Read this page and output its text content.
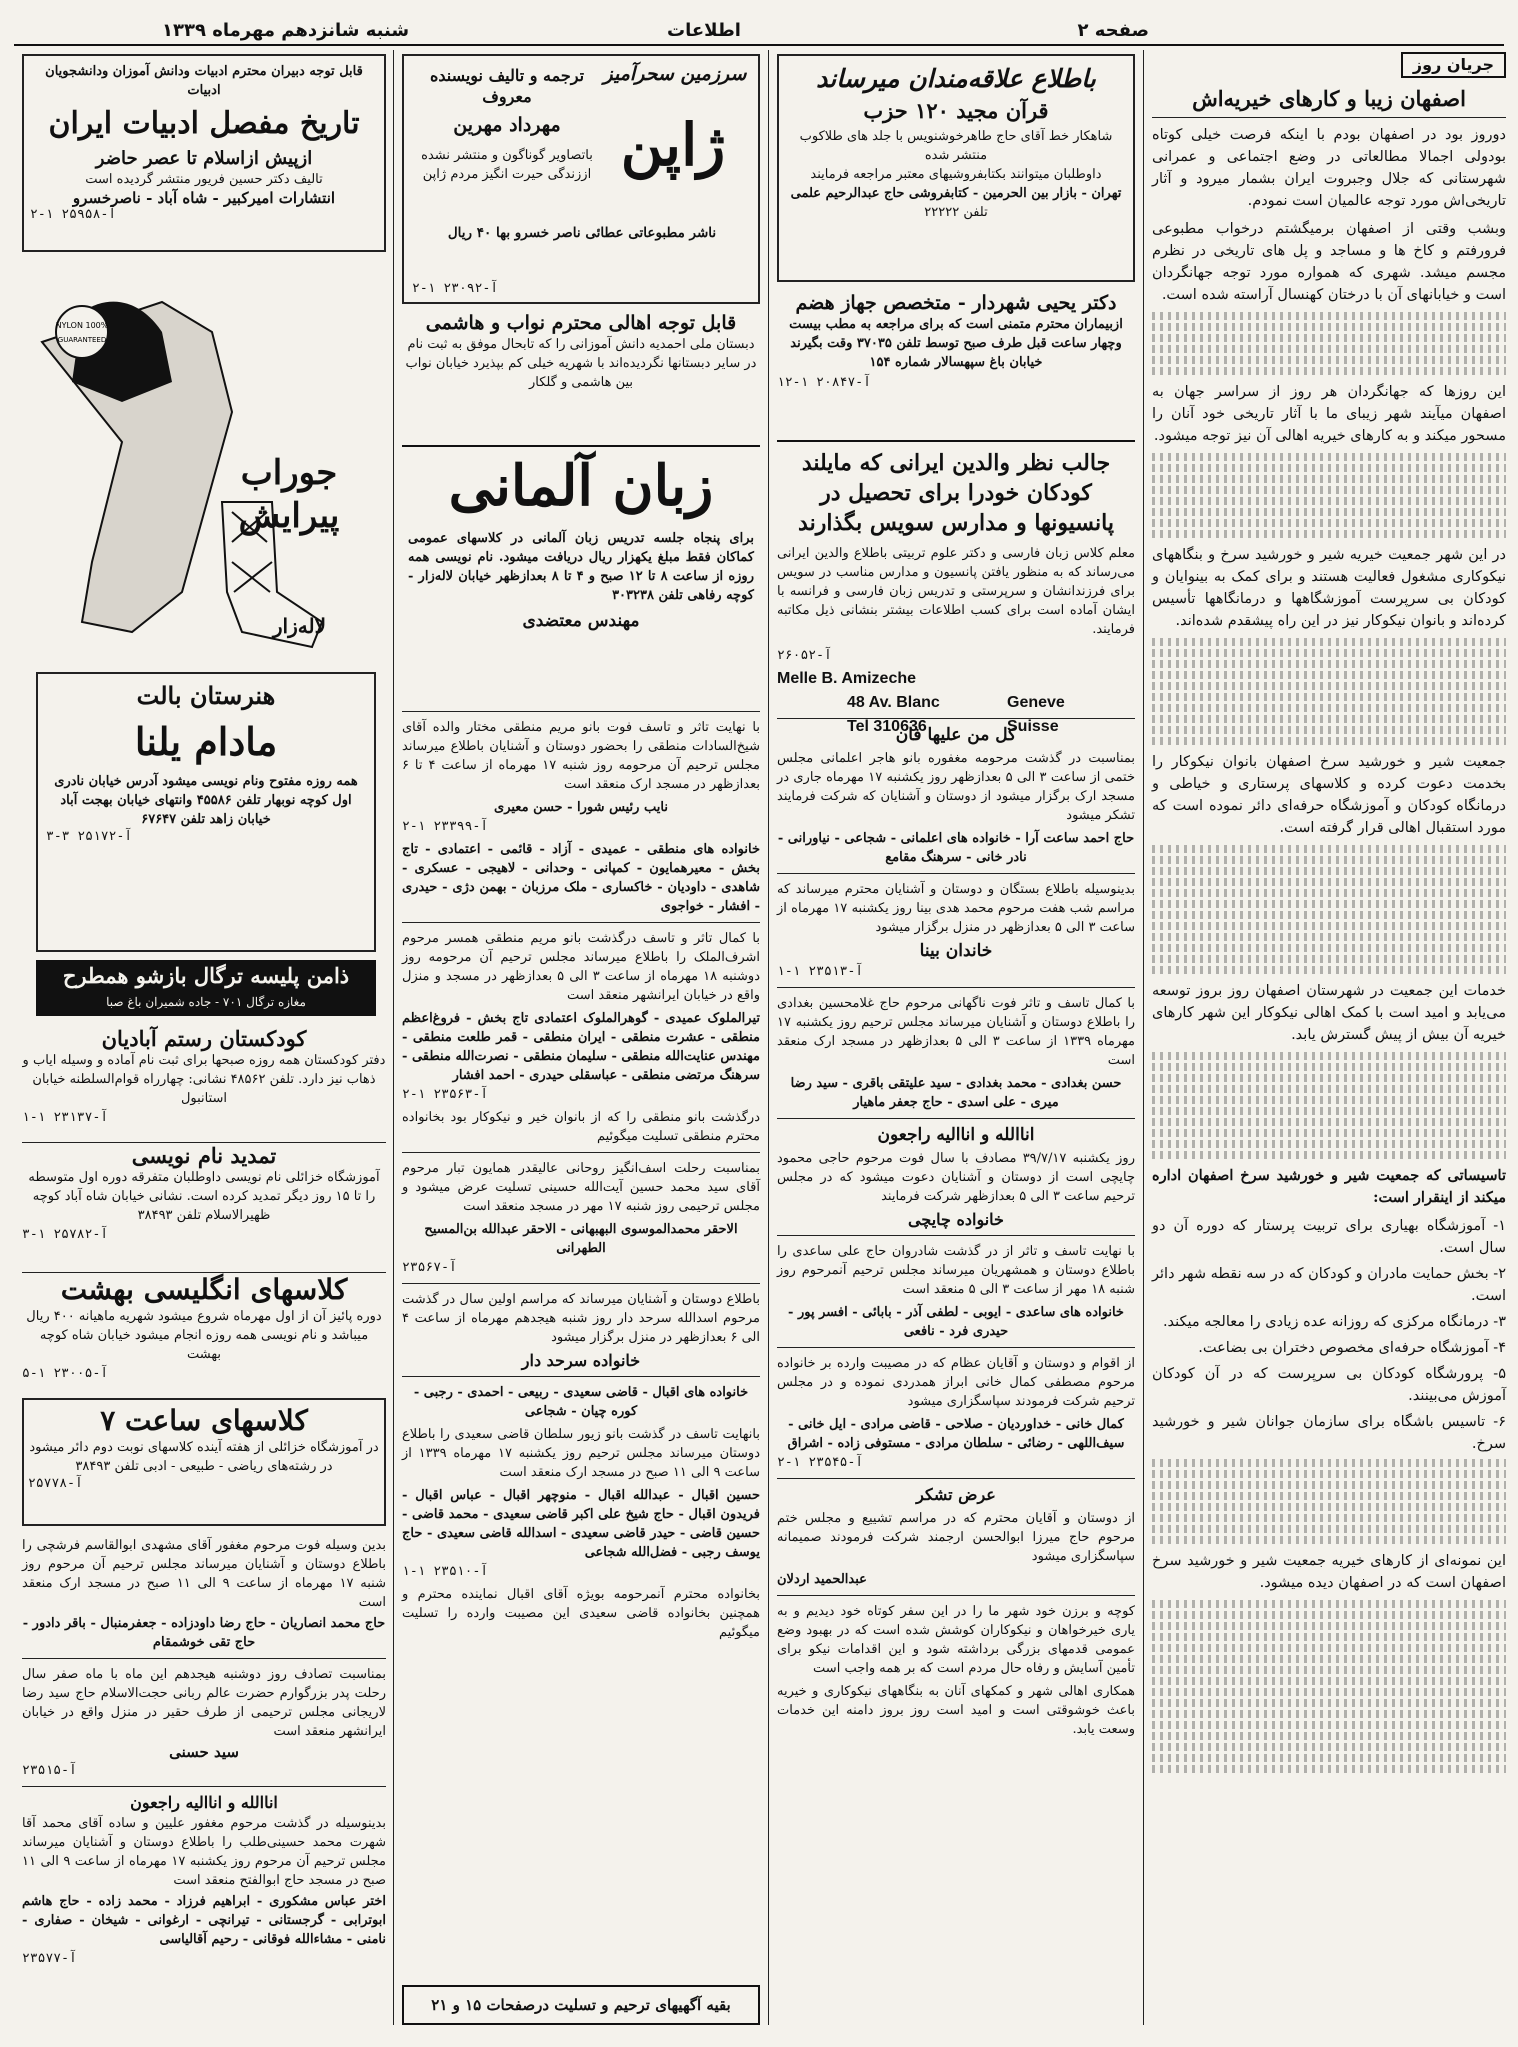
صفحه ۲
اطلاعات
شنبه شانزدهم مهرماه ۱۳۳۹
جریان روز
اصفهان زیبا و کارهای خیریه‌اش

دوروز بود در اصفهان بودم با اینکه فرصت خیلی کوتاه بودولی اجمالا مطالعاتی در وضع اجتماعی و عمرانی شهرستانی که جلال وجبروت ایران بشمار میرود و آثار تاریخی‌اش مورد توجه عالمیان است نمودم.

وبشب وقتی از اصفهان برمیگشتم درخواب مطبوعی فرورفتم و کاخ ها و مساجد و پل های تاریخی در نظرم مجسم میشد. شهری که همواره مورد توجه جهانگردان است و خیابانهای آن با درختان کهنسال آراسته شده است.

این روزها که جهانگردان هر روز از سراسر جهان به اصفهان میآیند شهر زیبای ما با آثار تاریخی خود آنان را مسحور میکند و به کارهای خیریه اهالی آن نیز توجه میشود.

در این شهر جمعیت خیریه شیر و خورشید سرخ و بنگاههای نیکوکاری مشغول فعالیت هستند و برای کمک به بینوایان و کودکان بی سرپرست آموزشگاهها و درمانگاهها تأسیس کرده‌اند و بانوان نیکوکار نیز در این راه پیشقدم شده‌اند.

جمعیت شیر و خورشید سرخ اصفهان بانوان نیکوکار را بخدمت دعوت کرده و کلاسهای پرستاری و خیاطی و درمانگاه کودکان و آموزشگاه حرفه‌ای دائر نموده است که مورد استقبال اهالی قرار گرفته است.

خدمات این جمعیت در شهرستان اصفهان روز بروز توسعه می‌یابد و امید است با کمک اهالی نیکوکار این شهر کارهای خیریه آن بیش از پیش گسترش یابد.

تاسیساتی که جمعیت شیر و خورشید سرخ اصفهان اداره میکند از اینقرار است:

۱- آموزشگاه بهیاری برای تربیت پرستار که دوره آن دو سال است.

۲- بخش حمایت مادران و کودکان که در سه نقطه شهر دائر است.

۳- درمانگاه مرکزی که روزانه عده زیادی را معالجه میکند.

۴- آموزشگاه حرفه‌ای مخصوص دختران بی بضاعت.

۵- پرورشگاه کودکان بی سرپرست که در آن کودکان آموزش می‌بینند.

۶- تاسیس باشگاه برای سازمان جوانان شیر و خورشید سرخ.

این نمونه‌ای از کارهای خیریه جمعیت شیر و خورشید سرخ اصفهان است که در اصفهان دیده میشود.

باطلاع علاقه‌مندان میرساند
قرآن مجید ۱۲۰ حزب
شاهکار خط آقای حاج طاهرخوشنویس با جلد های طلاکوب منتشر شده
داوطلبان میتوانند بکتابفروشیهای معتبر مراجعه فرمایند
تهران - بازار بین الحرمین - کتابفروشی حاج عبدالرحیم علمی
تلفن ۲۲۲۲۲
دکتر یحیی شهردار - متخصص جهاز هضم
ازبیماران محترم متمنی است که برای مراجعه به مطب بیست وچهار ساعت قبل طرف صبح توسط تلفن ۳۷۰۳۵ وقت بگیرند
خیابان باغ سپهسالار شماره ۱۵۴
آ-۲۰۸۴۷ ۱-۱۲
جالب نظر والدین ایرانی که مایلند کودکان خودرا برای تحصیل در پانسیونها و مدارس سویس بگذارند

معلم کلاس زبان فارسی و دکتر علوم تربیتی باطلاع والدین ایرانی می‌رساند که به منظور یافتن پانسیون و مدارس مناسب در سویس برای فرزندانشان و سرپرستی و تدریس زبان فارسی و فرانسه با ایشان آماده است برای کسب اطلاعات بیشتر بنشانی ذیل مکاتبه فرمایند.

آ-۲۶۰۵۲
Melle B. Amizeche
48 Av. Blanc	Geneve
Tel 310636	Suisse
کل من علیها فان

بمناسبت در گذشت مرحومه مغفوره بانو هاجر اعلمانی مجلس ختمی از ساعت ۳ الی ۵ بعدازظهر روز یکشنبه ۱۷ مهرماه جاری در مسجد ارک برگزار میشود از دوستان و آشنایان که شرکت فرمایند تشکر میشود

حاج احمد ساعت آرا - خانواده های اعلمانی - شجاعی - نیاورانی - نادر خانی - سرهنگ مقامع

بدینوسیله باطلاع بستگان و دوستان و آشنایان محترم میرساند که مراسم شب هفت مرحوم محمد هدی بینا روز یکشنبه ۱۷ مهرماه از ساعت ۳ الی ۵ بعدازظهر در منزل برگزار میشود

خاندان بینا
آ-۲۳۵۱۳ ۱-۱

با کمال تاسف و تاثر فوت ناگهانی مرحوم حاج غلامحسین بغدادی را باطلاع دوستان و آشنایان میرساند مجلس ترحیم روز یکشنبه ۱۷ مهرماه ۱۳۳۹ از ساعت ۳ الی ۵ بعدازظهر در مسجد ارک منعقد است

حسن بغدادی - محمد بغدادی - سید علیتقی باقری - سید رضا میری - علی اسدی - حاج جعفر ماهیار
اناالله و اناالیه راجعون

روز یکشنبه ۳۹/۷/۱۷ مصادف با سال فوت مرحوم حاجی محمود چایچی است از دوستان و آشنایان دعوت میشود که در مجلس ترحیم ساعت ۳ الی ۵ بعدازظهر شرکت فرمایند

خانواده چایچی

با نهایت تاسف و تاثر از در گذشت شادروان حاج علی ساعدی را باطلاع دوستان و همشهریان میرساند مجلس ترحیم آنمرحوم روز شنبه ۱۸ مهر از ساعت ۳ الی ۵ منعقد است

خانواده های ساعدی - ایوبی - لطفی آذر - بابائی - افسر پور - حیدری فرد - نافعی

از اقوام و دوستان و آقایان عظام که در مصیبت وارده بر خانواده مرحوم مصطفی کمال خانی ابراز همدردی نموده و در مجلس ترحیم شرکت فرمودند سپاسگزاری میشود

کمال خانی - خداوردیان - صلاحی - قاضی مرادی - ایل خانی - سیف‌اللهی - رضائی - سلطان مرادی - مستوفی زاده - اشراق
آ-۲۳۵۴۵ ۱-۲
عرض تشکر

از دوستان و آقایان محترم که در مراسم تشییع و مجلس ختم مرحوم حاج میرزا ابوالحسن ارجمند شرکت فرمودند صمیمانه سپاسگزاری میشود

عبدالحمید اردلان

کوچه و برزن خود شهر ما را در این سفر کوتاه خود دیدیم و به یاری خیرخواهان و نیکوکاران کوشش شده است که در بهبود وضع عمومی قدمهای بزرگی برداشته شود و این اقدامات نیکو برای تأمین آسایش و رفاه حال مردم است که بر همه واجب است

همکاری اهالی شهر و کمکهای آنان به بنگاههای نیکوکاری و خیریه باعث خوشوقتی است و امید است روز بروز دامنه این خدمات وسعت یابد.

سرزمین سحرآمیز
ژاپن
ترجمه و تالیف نویسنده معروف
مهرداد مهرین
باتصاویر گوناگون و منتشر نشده اززندگی حیرت انگیز مردم ژاپن
ناشر مطبوعاتی عطائی ناصر خسرو بها ۴۰ ریال
آ-۲۳۰۹۲ ۱-۲
قابل توجه اهالی محترم نواب و هاشمی
دبستان ملی احمدیه دانش آموزانی را که تابحال موفق به ثبت نام در سایر دبستانها نگردیده‌اند با شهریه خیلی کم بپذیرد خیابان نواب بین هاشمی و گلکار
زبان آلمانی

برای پنجاه جلسه تدریس زبان آلمانی در کلاسهای عمومی کماکان فقط مبلغ یکهزار ریال دریافت میشود. نام نویسی همه روزه از ساعت ۸ تا ۱۲ صبح و ۴ تا ۸ بعدازظهر خیابان لاله‌زار - کوچه رفاهی تلفن ۳۰۳۲۳۸

مهندس معتضدی

با نهایت تاثر و تاسف فوت بانو مریم منطقی مختار والده آقای شیخ‌السادات منطقی را بحضور دوستان و آشنایان باطلاع میرساند مجلس ترحیم آن مرحومه روز شنبه ۱۷ مهرماه از ساعت ۴ تا ۶ بعدازظهر در مسجد ارک منعقد است

نایب رئیس شورا - حسن معیری
آ-۲۳۳۹۹ ۱-۲
خانواده های منطقی - عمیدی - آزاد - قائمی - اعتمادی - تاج بخش - معیرهمایون - کمپانی - وحدانی - لاهیجی - عسکری - شاهدی - داودیان - خاکساری - ملک مرزبان - بهمن دژی - حیدری - افشار - خواجوی

با کمال تاثر و تاسف درگذشت بانو مریم منطقی همسر مرحوم اشرف‌الملک را باطلاع میرساند مجلس ترحیم آن مرحومه روز دوشنبه ۱۸ مهرماه از ساعت ۳ الی ۵ بعدازظهر در مسجد و منزل واقع در خیابان ایرانشهر منعقد است

تیرالملوک عمیدی - گوهرالملوک اعتمادی تاج بخش - فروغ‌اعظم منطقی - عشرت منطقی - ایران منطقی - قمر طلعت منطقی - مهندس عنایت‌الله منطقی - سلیمان منطقی - نصرت‌الله منطقی - سرهنگ مرتضی منطقی - عباسقلی حیدری - احمد افشار
آ-۲۳۵۶۳ ۱-۲

درگذشت بانو منطقی را که از بانوان خیر و نیکوکار بود بخانواده محترم منطقی تسلیت میگوئیم

بمناسبت رحلت اسف‌انگیز روحانی عالیقدر همایون تبار مرحوم آقای سید محمد حسین آیت‌الله حسینی تسلیت عرض میشود و مجلس ترحیمی روز شنبه ۱۷ مهر در مسجد منعقد است

الاحقر محمدالموسوی البهبهانی - الاحقر عبدالله بن‌المسیح الطهرانی
آ-۲۳۵۶۷

باطلاع دوستان و آشنایان میرساند که مراسم اولین سال در گذشت مرحوم اسدالله سرحد دار روز شنبه هیجدهم مهرماه از ساعت ۴ الی ۶ بعدازظهر در منزل برگزار میشود

خانواده سرحد دار
خانواده های اقبال - قاضی سعیدی - ربیعی - احمدی - رجبی - کوره چیان - شجاعی

بانهایت تاسف در گذشت بانو زیور سلطان قاضی سعیدی را باطلاع دوستان میرساند مجلس ترحیم روز یکشنبه ۱۷ مهرماه ۱۳۳۹ از ساعت ۹ الی ۱۱ صبح در مسجد ارک منعقد است

حسین اقبال - عبدالله اقبال - منوچهر اقبال - عباس اقبال - فریدون اقبال - حاج شیخ علی اکبر قاضی سعیدی - محمد قاضی - حسین قاضی - حیدر قاضی سعیدی - اسدالله قاضی سعیدی - حاج یوسف رجبی - فضل‌الله شجاعی
آ-۲۳۵۱۰ ۱-۱

بخانواده محترم آنمرحومه بویژه آقای اقبال نماینده محترم و همچنین بخانواده قاضی سعیدی این مصیبت وارده را تسلیت میگوئیم

بقیه آگهیهای ترحیم و تسلیت درصفحات ۱۵ و ۲۱
قابل توجه دبیران محترم ادبیات ودانش آموزان ودانشجویان ادبیات
تاریخ مفصل ادبیات ایران
ازپیش ازاسلام تا عصر حاضر
تالیف دکتر حسین فریور منتشر گردیده است
انتشارات امیرکبیر - شاه آباد - ناصرخسرو
آ-۲۵۹۵۸ ۱-۲
100% NYLON
GUARANTEED
جوراب پیرایش
لاله‌زار
هنرستان بالت
مادام یلنا
همه روزه مفتوح ونام نویسی میشود آدرس خیابان نادری اول کوچه نوبهار تلفن ۴۵۵۸۶ وانتهای خیابان بهجت آباد خیابان زاهد تلفن ۶۷۶۴۷
آ-۲۵۱۷۲ ۳-۳
ذامن پلیسه ترگال بازشو همطرح
مغازه ترگال ۷۰۱ - جاده شمیران باغ صبا
کودکستان رستم آبادیان
دفتر کودکستان همه روزه صبحها برای ثبت نام آماده و وسیله ایاب و ذهاب نیز دارد. تلفن ۴۸۵۶۲ نشانی: چهارراه قوام‌السلطنه خیابان استانبول
آ-۲۳۱۳۷ ۱-۱
تمدید نام نویسی
آموزشگاه خزائلی نام نویسی داوطلبان متفرقه دوره اول متوسطه را تا ۱۵ روز دیگر تمدید کرده است. نشانی خیابان شاه آباد کوچه ظهیرالاسلام تلفن ۳۸۴۹۳
آ-۲۵۷۸۲ ۱-۳
کلاسهای انگلیسی بهشت
دوره پائیز آن از اول مهرماه شروع میشود شهریه ماهیانه ۴۰۰ ریال میباشد و نام نویسی همه روزه انجام میشود خیابان شاه کوچه بهشت
آ-۲۳۰۰۵ ۱-۵
کلاسهای ساعت ۷
در آموزشگاه خزائلی از هفته آینده کلاسهای نوبت دوم دائر میشود در رشته‌های ریاضی - طبیعی - ادبی تلفن ۳۸۴۹۳
آ-۲۵۷۷۸

بدین وسیله فوت مرحوم مغفور آقای مشهدی ابوالقاسم فرشچی را باطلاع دوستان و آشنایان میرساند مجلس ترحیم آن مرحوم روز شنبه ۱۷ مهرماه از ساعت ۹ الی ۱۱ صبح در مسجد ارک منعقد است

حاج محمد انصاریان - حاج رضا داودزاده - جعفرمنبال - باقر دادور - حاج تقی خوشمقام

بمناسبت تصادف روز دوشنبه هیجدهم این ماه با ماه صفر سال رحلت پدر بزرگوارم حضرت عالم ربانی حجت‌الاسلام حاج سید رضا لاریجانی مجلس ترحیمی از طرف حقیر در منزل واقع در خیابان ایرانشهر منعقد است

سید حسنی
آ-۲۳۵۱۵
اناالله و اناالیه راجعون

بدینوسیله در گذشت مرحوم مغفور علیین و ساده آقای محمد آقا شهرت محمد حسینی‌طلب را باطلاع دوستان و آشنایان میرساند مجلس ترحیم آن مرحوم روز یکشنبه ۱۷ مهرماه از ساعت ۹ الی ۱۱ صبح در مسجد حاج ابوالفتح منعقد است

اختر عباس مشکوری - ابراهیم فرزاد - محمد زاده - حاج هاشم ابوترابی - گرجستانی - تیرانچی - ارغوانی - شیخان - صفاری - نامنی - مشاءالله فوقانی - رحیم آقالیاسی
آ-۲۳۵۷۷
